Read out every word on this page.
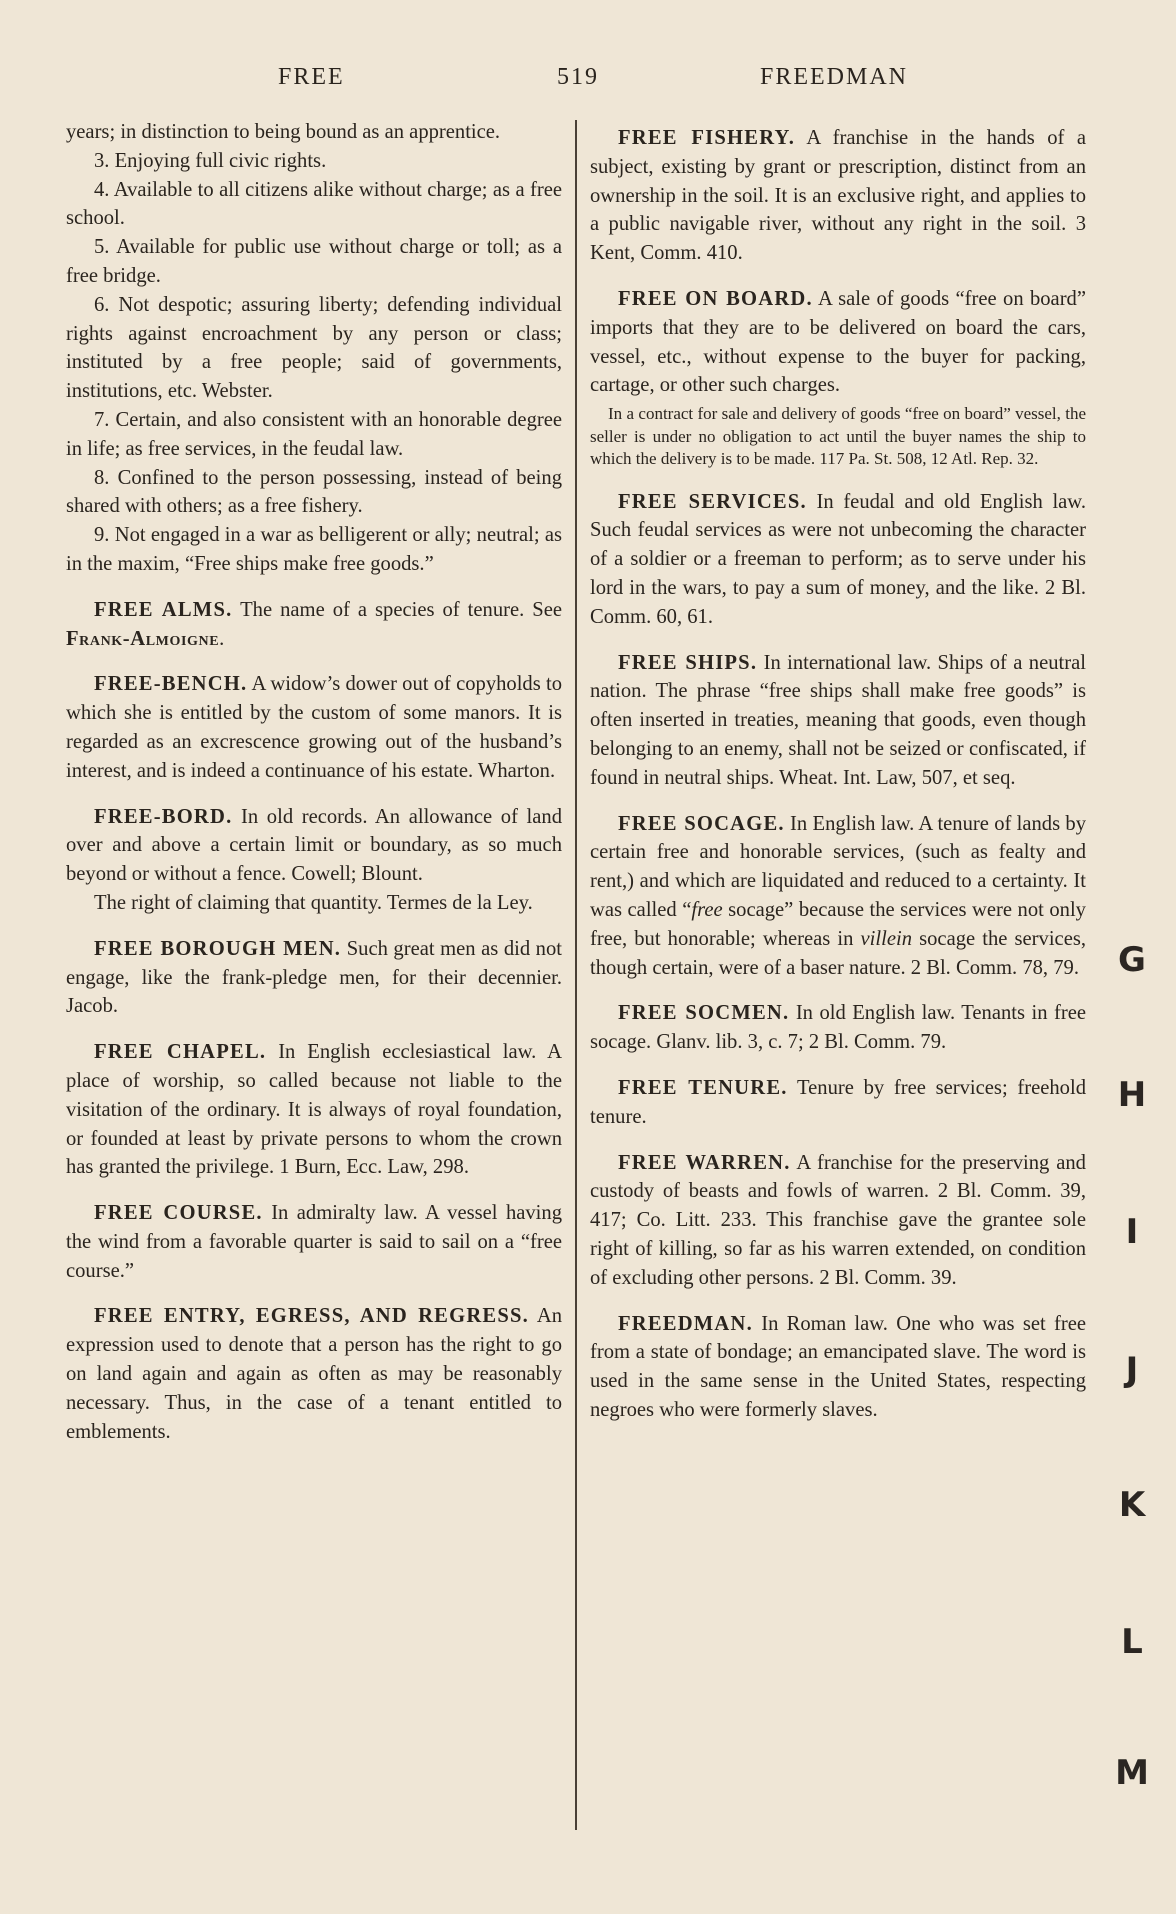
FREE	519	FREEDMAN

years; in distinction to being bound as an apprentice.

3. Enjoying full civic rights.

4. Available to all citizens alike without charge; as a free school.

5. Available for public use without charge or toll; as a free bridge.

6. Not despotic; assuring liberty; defending individual rights against encroachment by any person or class; instituted by a free people; said of governments, institutions, etc. Webster.

7. Certain, and also consistent with an honorable degree in life; as free services, in the feudal law.

8. Confined to the person possessing, instead of being shared with others; as a free fishery.

9. Not engaged in a war as belligerent or ally; neutral; as in the maxim, “Free ships make free goods.”

FREE ALMS. The name of a species of tenure. See Frank-Almoigne.

FREE-BENCH. A widow’s dower out of copyholds to which she is entitled by the custom of some manors. It is regarded as an excrescence growing out of the husband’s interest, and is indeed a continuance of his estate. Wharton.

FREE-BORD. In old records. An allowance of land over and above a certain limit or boundary, as so much beyond or without a fence. Cowell; Blount.

The right of claiming that quantity. Termes de la Ley.

FREE BOROUGH MEN. Such great men as did not engage, like the frank-pledge men, for their decennier. Jacob.

FREE CHAPEL. In English ecclesiastical law. A place of worship, so called because not liable to the visitation of the ordinary. It is always of royal foundation, or founded at least by private persons to whom the crown has granted the privilege. 1 Burn, Ecc. Law, 298.

FREE COURSE. In admiralty law. A vessel having the wind from a favorable quarter is said to sail on a “free course.”

FREE ENTRY, EGRESS, AND REGRESS. An expression used to denote that a person has the right to go on land again and again as often as may be reasonably necessary. Thus, in the case of a tenant entitled to emblements.

FREE FISHERY. A franchise in the hands of a subject, existing by grant or prescription, distinct from an ownership in the soil. It is an exclusive right, and applies to a public navigable river, without any right in the soil. 3 Kent, Comm. 410.

FREE ON BOARD. A sale of goods “free on board” imports that they are to be delivered on board the cars, vessel, etc., without expense to the buyer for packing, cartage, or other such charges.

In a contract for sale and delivery of goods “free on board” vessel, the seller is under no obligation to act until the buyer names the ship to which the delivery is to be made. 117 Pa. St. 508, 12 Atl. Rep. 32.

FREE SERVICES. In feudal and old English law. Such feudal services as were not unbecoming the character of a soldier or a freeman to perform; as to serve under his lord in the wars, to pay a sum of money, and the like. 2 Bl. Comm. 60, 61.

FREE SHIPS. In international law. Ships of a neutral nation. The phrase “free ships shall make free goods” is often inserted in treaties, meaning that goods, even though belonging to an enemy, shall not be seized or confiscated, if found in neutral ships. Wheat. Int. Law, 507, et seq.

FREE SOCAGE. In English law. A tenure of lands by certain free and honorable services, (such as fealty and rent,) and which are liquidated and reduced to a certainty. It was called “free socage” because the services were not only free, but honorable; whereas in villein socage the services, though certain, were of a baser nature. 2 Bl. Comm. 78, 79.

FREE SOCMEN. In old English law. Tenants in free socage. Glanv. lib. 3, c. 7; 2 Bl. Comm. 79.

FREE TENURE. Tenure by free services; freehold tenure.

FREE WARREN. A franchise for the preserving and custody of beasts and fowls of warren. 2 Bl. Comm. 39, 417; Co. Litt. 233. This franchise gave the grantee sole right of killing, so far as his warren extended, on condition of excluding other persons. 2 Bl. Comm. 39.

FREEDMAN. In Roman law. One who was set free from a state of bondage; an emancipated slave. The word is used in the same sense in the United States, respecting negroes who were formerly slaves.

G
H
I
J
K
L
M
